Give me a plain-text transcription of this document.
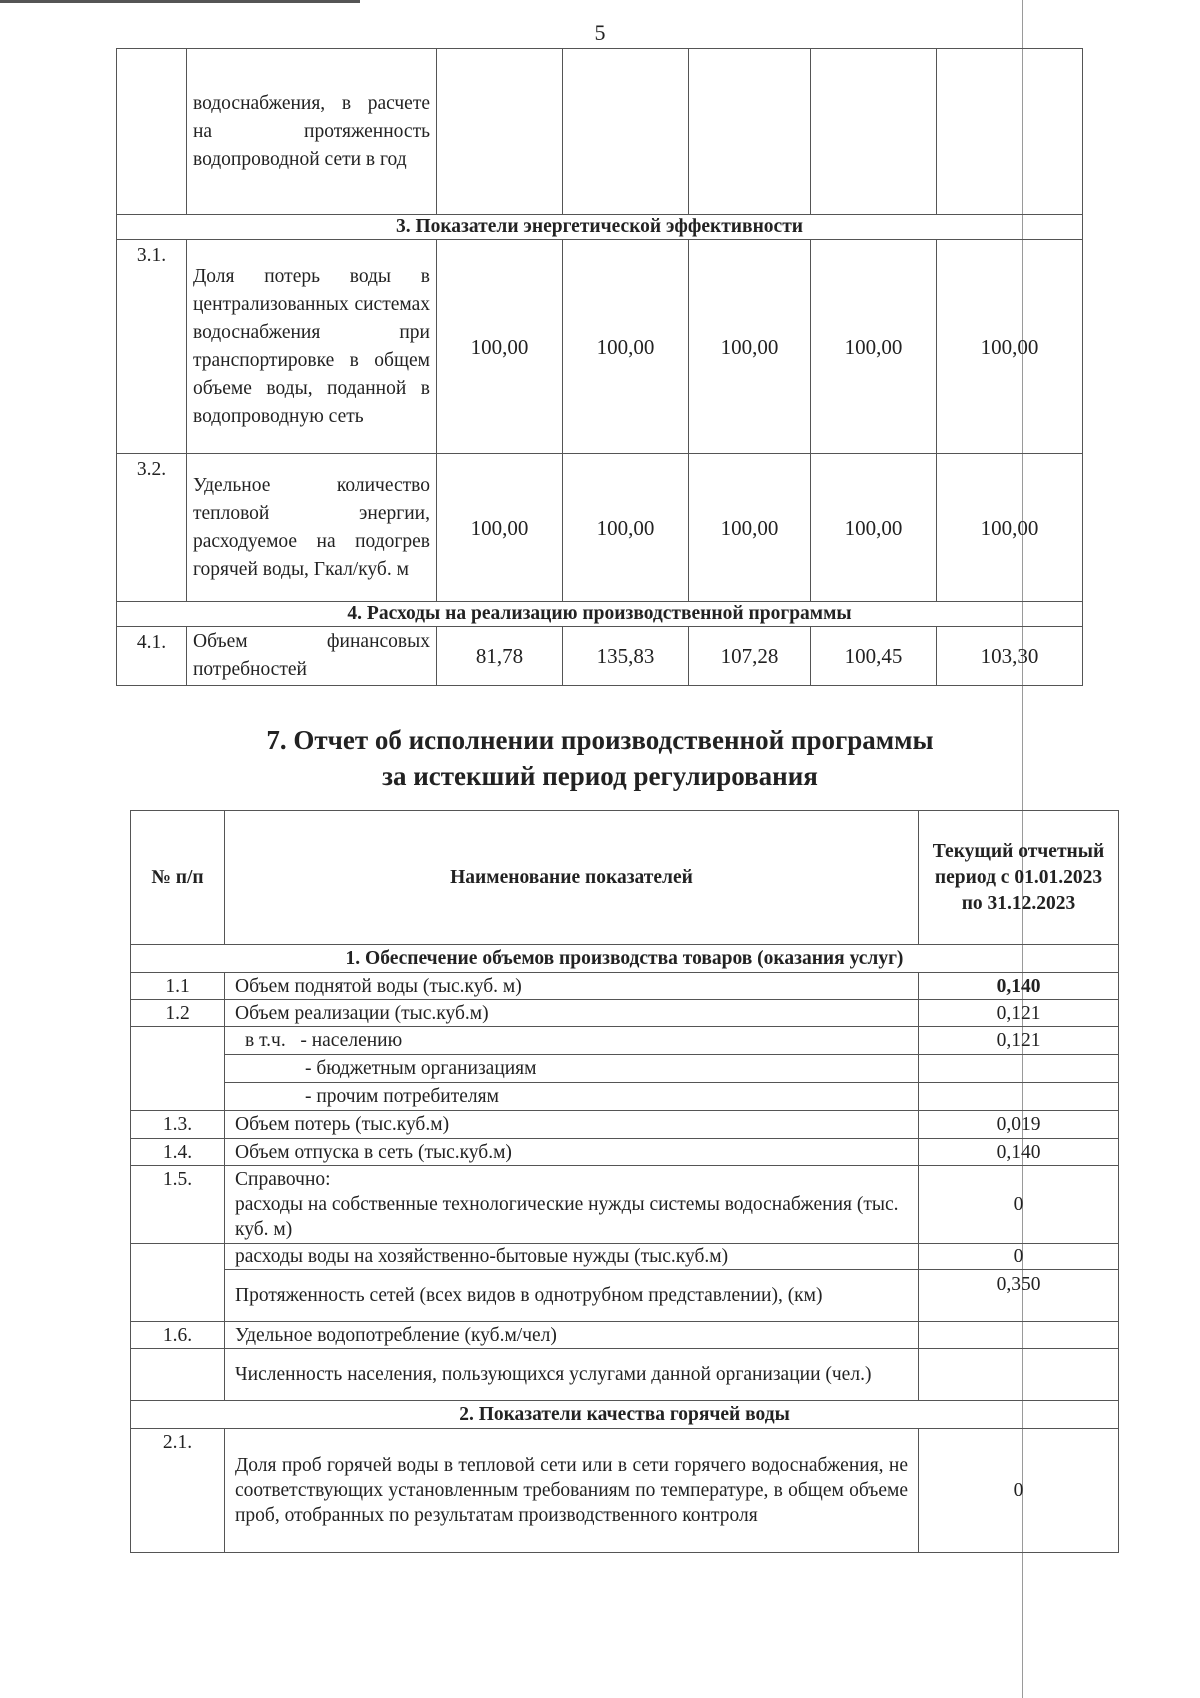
5
	водоснабжения, в расчете на протяженность водопроводной сети в год					
3. Показатели энергетической эффективности						
3.1.	Доля потерь воды в централизованных системах водоснабжения при транспортировке в общем объеме воды, поданной в водопроводную сеть	100,00	100,00	100,00	100,00	100,00
3.2.	Удельное количество тепловой энергии, расходуемое на подогрев горячей воды, Гкал/куб. м	100,00	100,00	100,00	100,00	100,00
4. Расходы на реализацию производственной программы						
4.1.	Объем финансовых потребностей	81,78	135,83	107,28	100,45	103,30
7. Отчет об исполнении производственной программы
за истекший период регулирования
№ п/п	Наименование показателей	Текущий отчетный период с 01.01.2023 по 31.12.2023
1. Обеспечение объемов производства товаров (оказания услуг)		
1.1	Объем поднятой воды (тыс.куб. м)	0,140
1.2	Объем реализации (тыс.куб.м)	0,121
	в т.ч. - населению	0,121
	- бюджетным организациям	
	- прочим потребителям	
1.3.	Объем потерь (тыс.куб.м)	0,019
1.4.	Объем отпуска в сеть (тыс.куб.м)	0,140
1.5.	Справочно:
расходы на собственные технологические нужды системы водоснабжения (тыс. куб. м)	0
	расходы воды на хозяйственно-бытовые нужды (тыс.куб.м)	0
	Протяженность сетей (всех видов в однотрубном представлении), (км)	0,350
1.6.	Удельное водопотребление (куб.м/чел)	
	Численность населения, пользующихся услугами данной организации (чел.)	
2. Показатели качества горячей воды		
2.1.	Доля проб горячей воды в тепловой сети или в сети горячего водоснабжения, не соответствующих установленным требованиям по температуре, в общем объеме проб, отобранных по результатам производственного контроля	0
